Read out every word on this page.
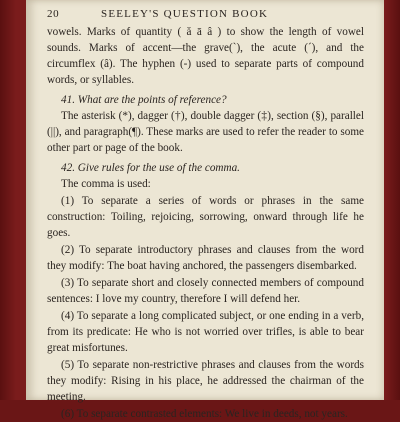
20	SEELEY'S QUESTION BOOK

vowels. Marks of quantity ( ă ā â ) to show the length of vowel sounds. Marks of accent—the grave(`), the acute (´), and the circumflex (â). The hyphen (-) used to separate parts of compound words, or syllables.

41. What are the points of reference?

The asterisk (*), dagger (†), double dagger (‡), section (§), parallel (||), and paragraph(¶). These marks are used to refer the reader to some other part or page of the book.

42. Give rules for the use of the comma.

The comma is used:

(1) To separate a series of words or phrases in the same construction: Toiling, rejoicing, sorrowing, onward through life he goes.

(2) To separate introductory phrases and clauses from the word they modify: The boat having anchored, the passengers disembarked.

(3) To separate short and closely connected members of compound sentences: I love my country, therefore I will defend her.

(4) To separate a long complicated subject, or one ending in a verb, from its predicate: He who is not worried over trifles, is able to bear great misfortunes.

(5) To separate non-restrictive phrases and clauses from the words they modify: Rising in his place, he addressed the chairman of the meeting.

(6) To separate contrasted elements: We live in deeds, not years.
